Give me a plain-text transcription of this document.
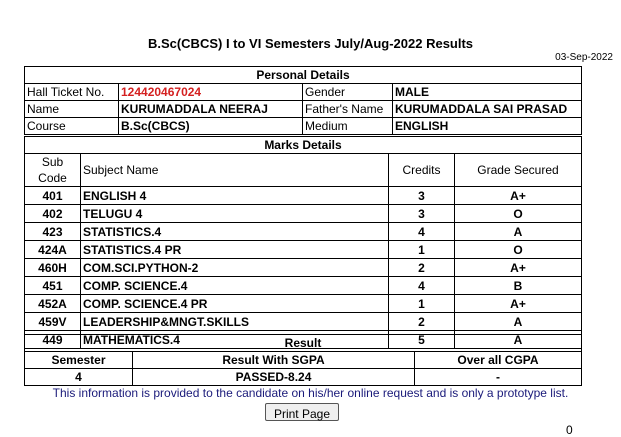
B.Sc(CBCS) I to VI Semesters July/Aug-2022 Results
03-Sep-2022
Personal Details			
Hall Ticket No.	124420467024	Gender	MALE
Name	KURUMADDALA NEERAJ	Father's Name	KURUMADDALA SAI PRASAD
Course	B.Sc(CBCS)	Medium	ENGLISH
Marks Details			
Sub Code	Subject Name	Credits	Grade Secured
401	ENGLISH 4	3	A+
402	TELUGU 4	3	O
423	STATISTICS.4	4	A
424A	STATISTICS.4 PR	1	O
460H	COM.SCI.PYTHON-2	2	A+
451	COMP. SCIENCE.4	4	B
452A	COMP. SCIENCE.4 PR	1	A+
459V	LEADERSHIP&MNGT.SKILLS	2	A
449	MATHEMATICS.4	5	A
Result		
Semester	Result With SGPA	Over all CGPA
4	PASSED-8.24	-
This information is provided to the candidate on his/her online request and is only a prototype list.
Print Page
0
